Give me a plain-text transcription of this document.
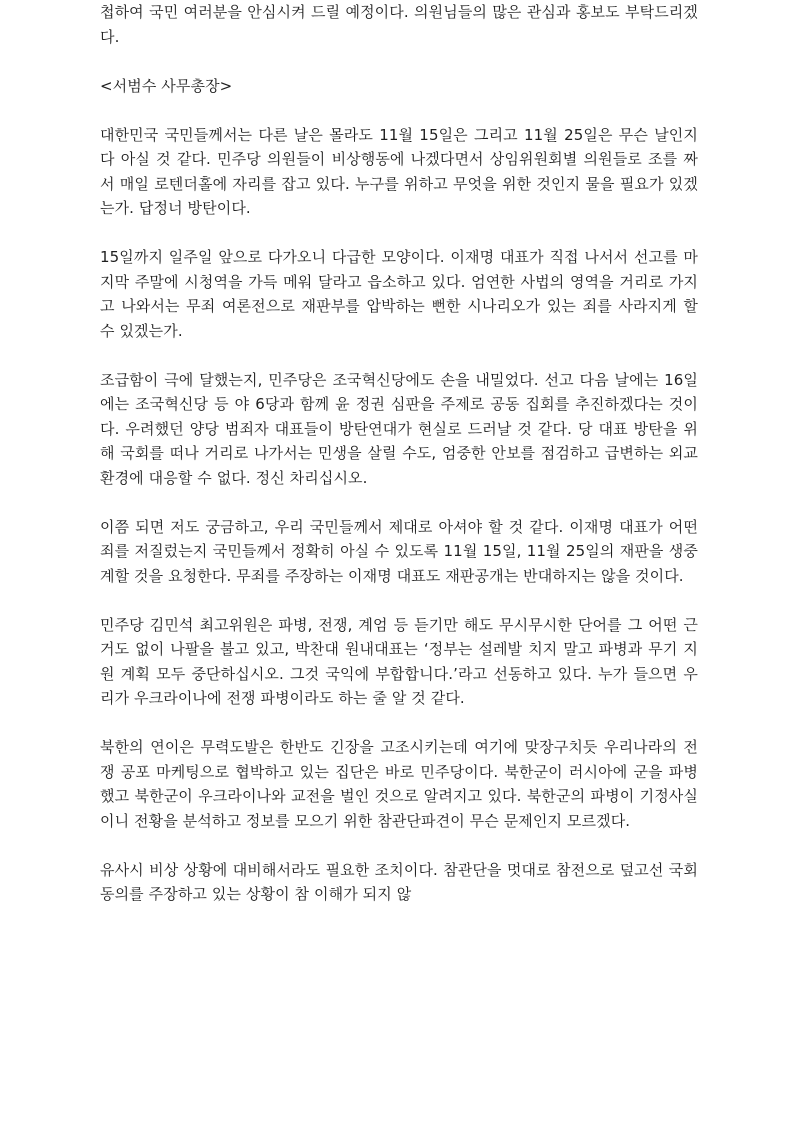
첩하여 국민 여러분을 안심시켜 드릴 예정이다. 의원님들의 많은 관심과 홍보도 부탁드리겠다.

<서범수 사무총장>

대한민국 국민들께서는 다른 날은 몰라도 11월 15일은 그리고 11월 25일은 무슨 날인지 다 아실 것 같다. 민주당 의원들이 비상행동에 나겠다면서 상임위원회별 의원들로 조를 짜서 매일 로텐더홀에 자리를 잡고 있다. 누구를 위하고 무엇을 위한 것인지 물을 필요가 있겠는가. 답정너 방탄이다.

15일까지 일주일 앞으로 다가오니 다급한 모양이다. 이재명 대표가 직접 나서서 선고를 마지막 주말에 시청역을 가득 메워 달라고 읍소하고 있다. 엄연한 사법의 영역을 거리로 가지고 나와서는 무죄 여론전으로 재판부를 압박하는 뻔한 시나리오가 있는 죄를 사라지게 할 수 있겠는가.

조급함이 극에 달했는지, 민주당은 조국혁신당에도 손을 내밀었다. 선고 다음 날에는 16일에는 조국혁신당 등 야 6당과 함께 윤 정권 심판을 주제로 공동 집회를 추진하겠다는 것이다. 우려했던 양당 범죄자 대표들이 방탄연대가 현실로 드러날 것 같다. 당 대표 방탄을 위해 국회를 떠나 거리로 나가서는 민생을 살릴 수도, 엄중한 안보를 점검하고 급변하는 외교 환경에 대응할 수 없다. 정신 차리십시오.

이쯤 되면 저도 궁금하고, 우리 국민들께서 제대로 아셔야 할 것 같다. 이재명 대표가 어떤 죄를 저질렀는지 국민들께서 정확히 아실 수 있도록 11월 15일, 11월 25일의 재판을 생중계할 것을 요청한다. 무죄를 주장하는 이재명 대표도 재판공개는 반대하지는 않을 것이다.

민주당 김민석 최고위원은 파병, 전쟁, 계엄 등 듣기만 해도 무시무시한 단어를 그 어떤 근거도 없이 나팔을 불고 있고, 박찬대 원내대표는 ‘정부는 설레발 치지 말고 파병과 무기 지원 계획 모두 중단하십시오. 그것 국익에 부합합니다.’라고 선동하고 있다. 누가 들으면 우리가 우크라이나에 전쟁 파병이라도 하는 줄 알 것 같다.

북한의 연이은 무력도발은 한반도 긴장을 고조시키는데 여기에 맞장구치듯 우리나라의 전쟁 공포 마케팅으로 협박하고 있는 집단은 바로 민주당이다. 북한군이 러시아에 군을 파병했고 북한군이 우크라이나와 교전을 벌인 것으로 알려지고 있다. 북한군의 파병이 기정사실이니 전황을 분석하고 정보를 모으기 위한 참관단파견이 무슨 문제인지 모르겠다.

유사시 비상 상황에 대비해서라도 필요한 조치이다. 참관단을 멋대로 참전으로 덮고선 국회동의를 주장하고 있는 상황이 참 이해가 되지 않
